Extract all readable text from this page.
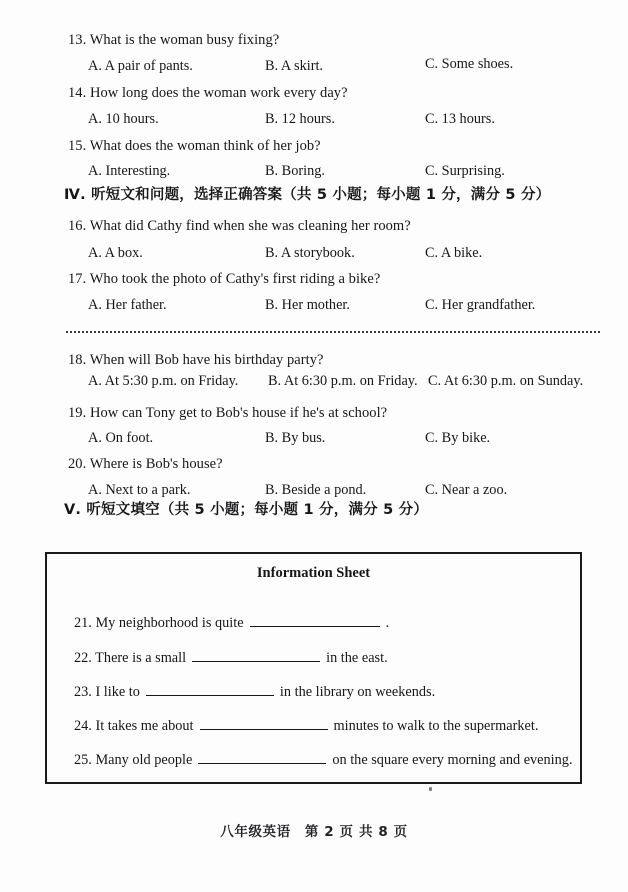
13. What is the woman busy fixing?
A. A pair of pants.	B. A skirt.	C. Some shoes.
14. How long does the woman work every day?
A. 10 hours.	B. 12 hours.	C. 13 hours.
15. What does the woman think of her job?
A. Interesting.	B. Boring.	C. Surprising.
Ⅳ. 听短文和问题，选择正确答案（共 5 小题；每小题 1 分，满分 5 分）
16. What did Cathy find when she was cleaning her room?
A. A box.	B. A storybook.	C. A bike.
17. Who took the photo of Cathy's first riding a bike?
A. Her father.	B. Her mother.	C. Her grandfather.
18. When will Bob have his birthday party?
A. At 5:30 p.m. on Friday. B. At 6:30 p.m. on Friday. C. At 6:30 p.m. on Sunday.
19. How can Tony get to Bob's house if he's at school?
A. On foot.	B. By bus.	C. By bike.
20. Where is Bob's house?
A. Next to a park.	B. Beside a pond.	C. Near a zoo.
Ⅴ. 听短文填空（共 5 小题；每小题 1 分，满分 5 分）
Information Sheet
21. My neighborhood is quite	.
22. There is a small	in the east.
23. I like to	in the library on weekends.
24. It takes me about	minutes to walk to the supermarket.
25. Many old people	on the square every morning and evening.
八年级英语　第 2 页 共 8 页
